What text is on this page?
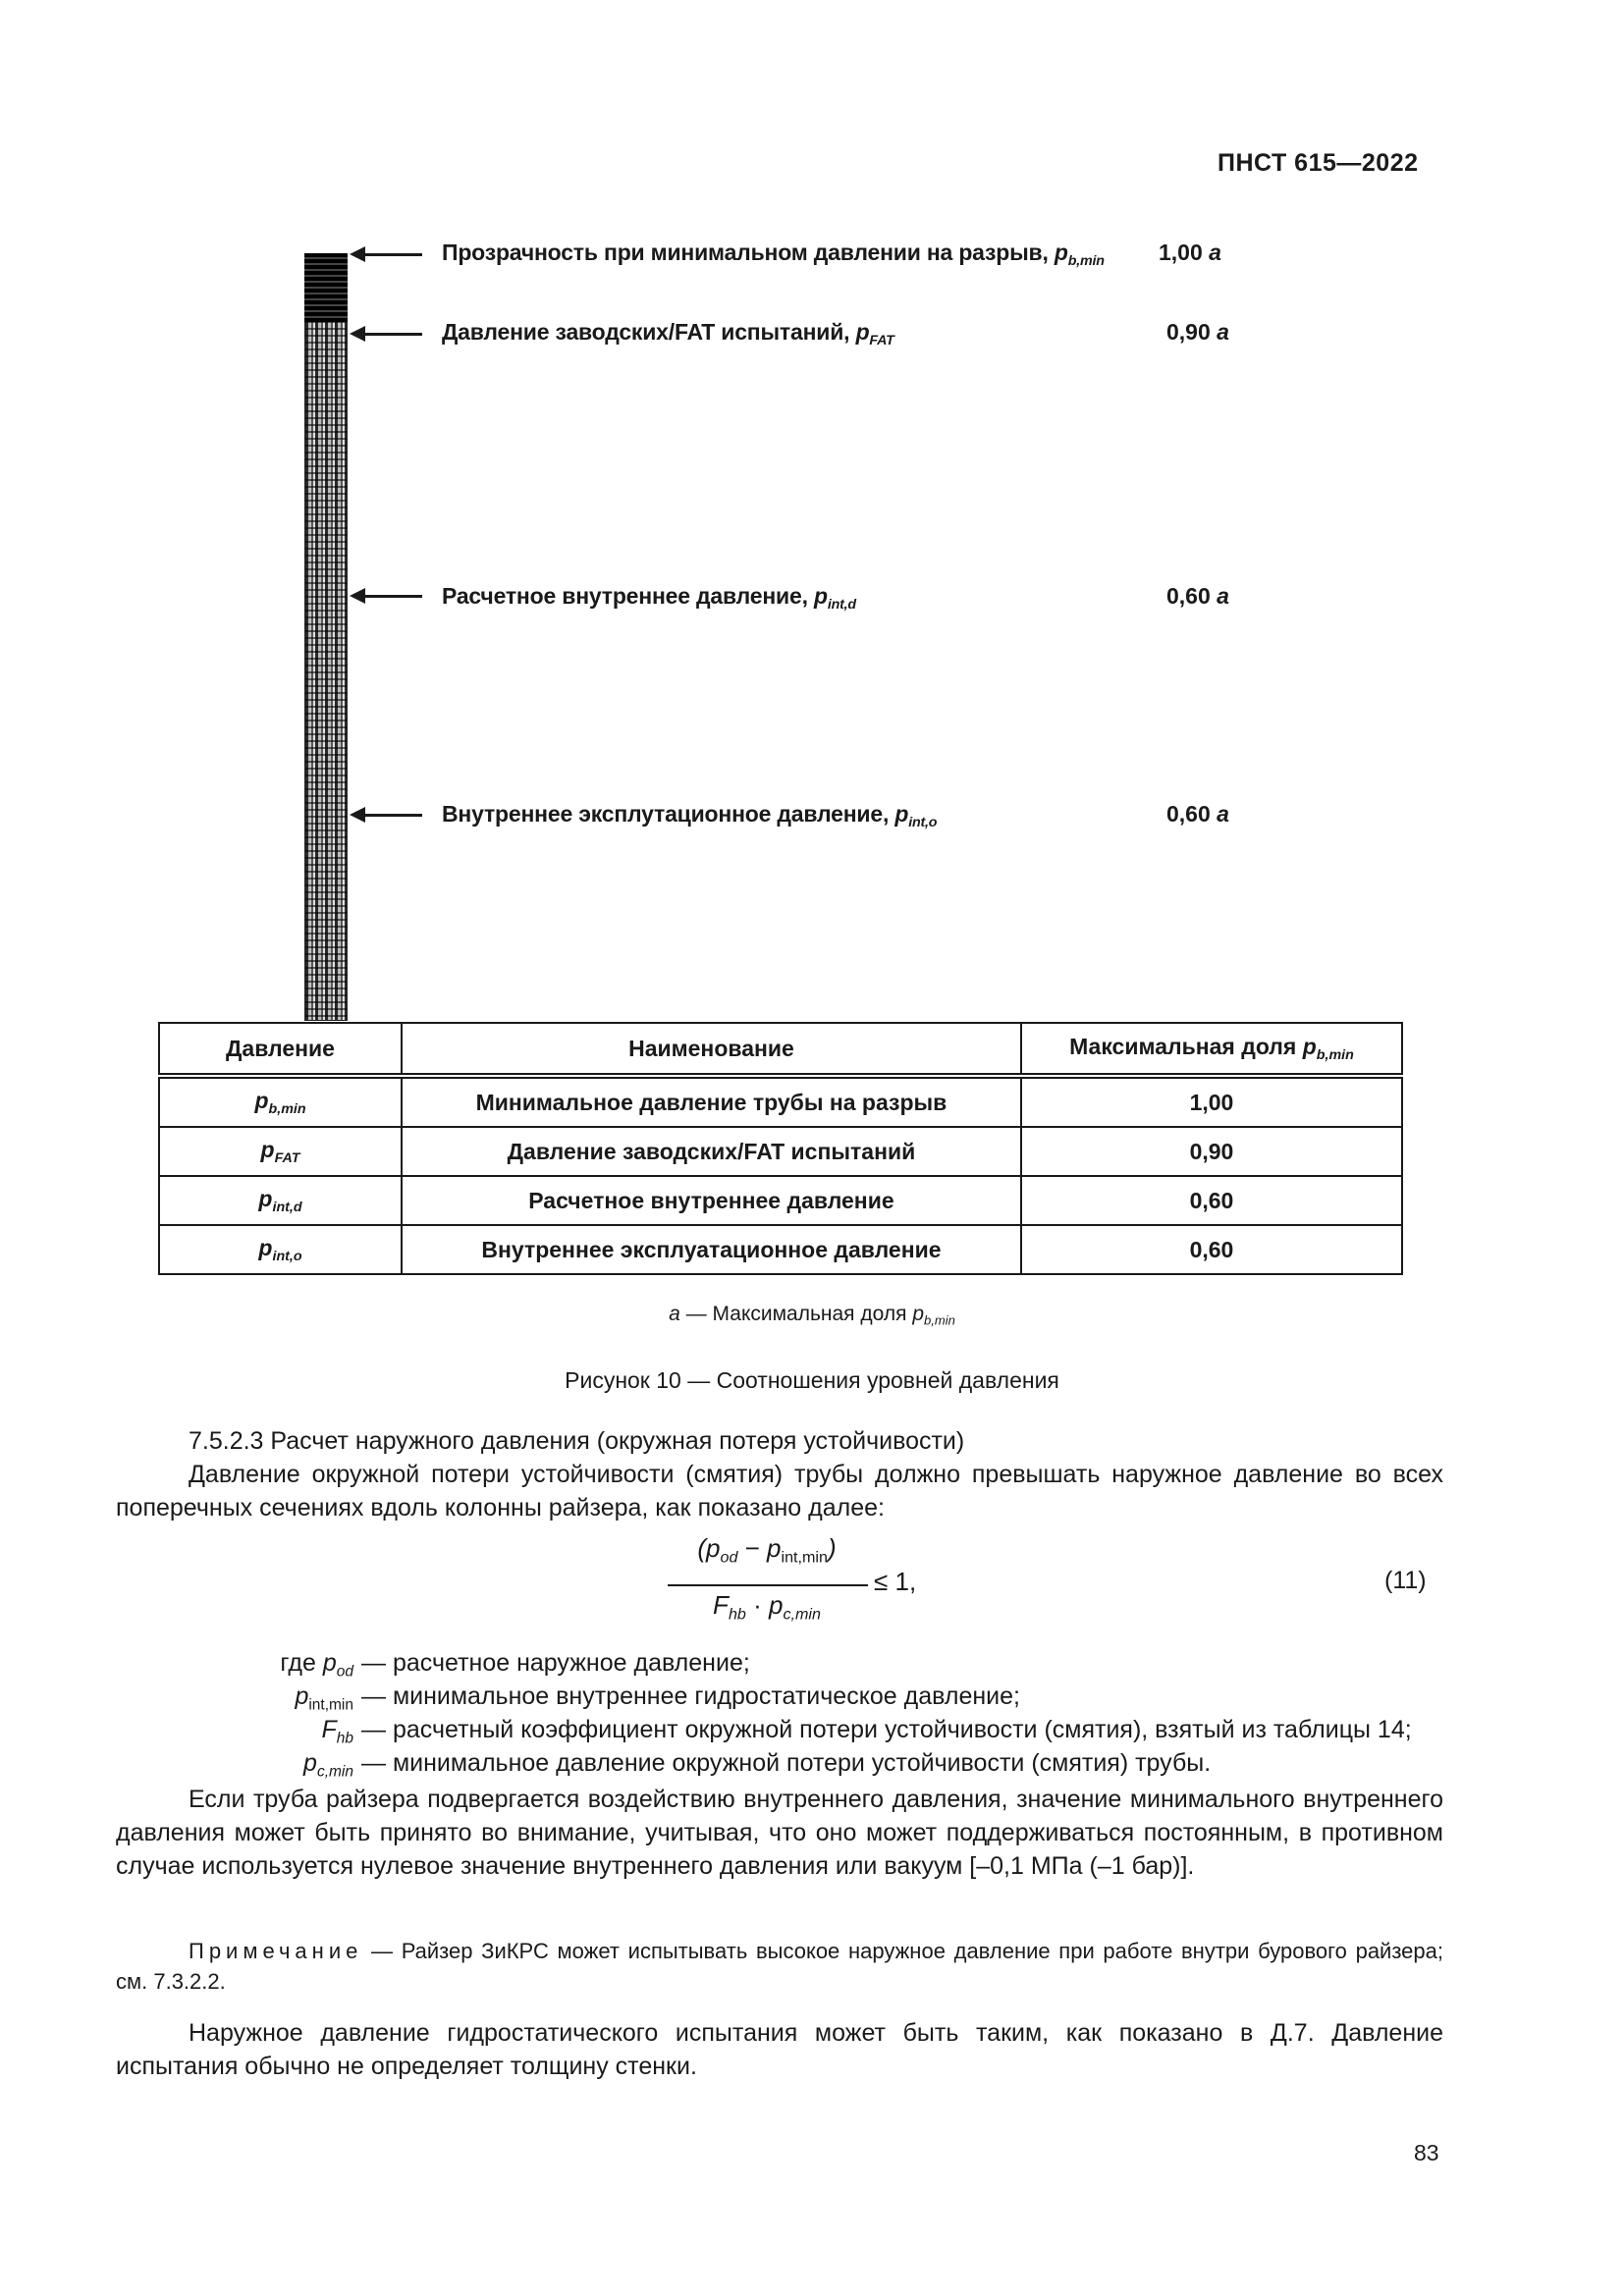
ПНСТ 615—2022
Прозрачность при минимальном давлении на разрыв, $p_{b,min}$ 1,00 a
Давление заводских/FAT испытаний, $p_{FAT}$	0,90 a
Расчетное внутреннее давление, $p_{int,d}$	0,60 a
Внутреннее эксплутационное давление, $p_{int,o}$	0,60 a
Давление	Наименование	Максимальная доля $p_{b,min}$
$p_{b,min}$	Минимальное давление трубы на разрыв	1,00
$p_{FAT}$	Давление заводских/FAT испытаний	0,90
$p_{int,d}$	Расчетное внутреннее давление	0,60
$p_{int,o}$	Внутреннее эксплуатационное давление	0,60
a — Максимальная доля $p_{b,min}$
Рисунок 10 — Соотношения уровней давления
7.5.2.3 Расчет наружного давления (окружная потеря устойчивости)
Давление окружной потери устойчивости (смятия) трубы должно превышать наружное давление во всех поперечных сечениях вдоль колонны райзера, как показано далее:
$(p_{od} - p_{int,min})$
$F_{hb} \cdot p_{c,min}$
≤ 1,	(11)
где $p_{od}$ — расчетное наружное давление;
$p_{int,min}$ — минимальное внутреннее гидростатическое давление;
$F_{hb}$ — расчетный коэффициент окружной потери устойчивости (смятия), взятый из таблицы 14;
$p_{c,min}$ — минимальное давление окружной потери устойчивости (смятия) трубы.
Если труба райзера подвергается воздействию внутреннего давления, значение минимального внутреннего давления может быть принято во внимание, учитывая, что оно может поддерживаться постоянным, в противном случае используется нулевое значение внутреннего давления или вакуум [–0,1 МПа (–1 бар)].
Примечание — Райзер ЗиКРС может испытывать высокое наружное давление при работе внутри бурового райзера; см. 7.3.2.2.
Наружное давление гидростатического испытания может быть таким, как показано в Д.7. Давление испытания обычно не определяет толщину стенки.
83
